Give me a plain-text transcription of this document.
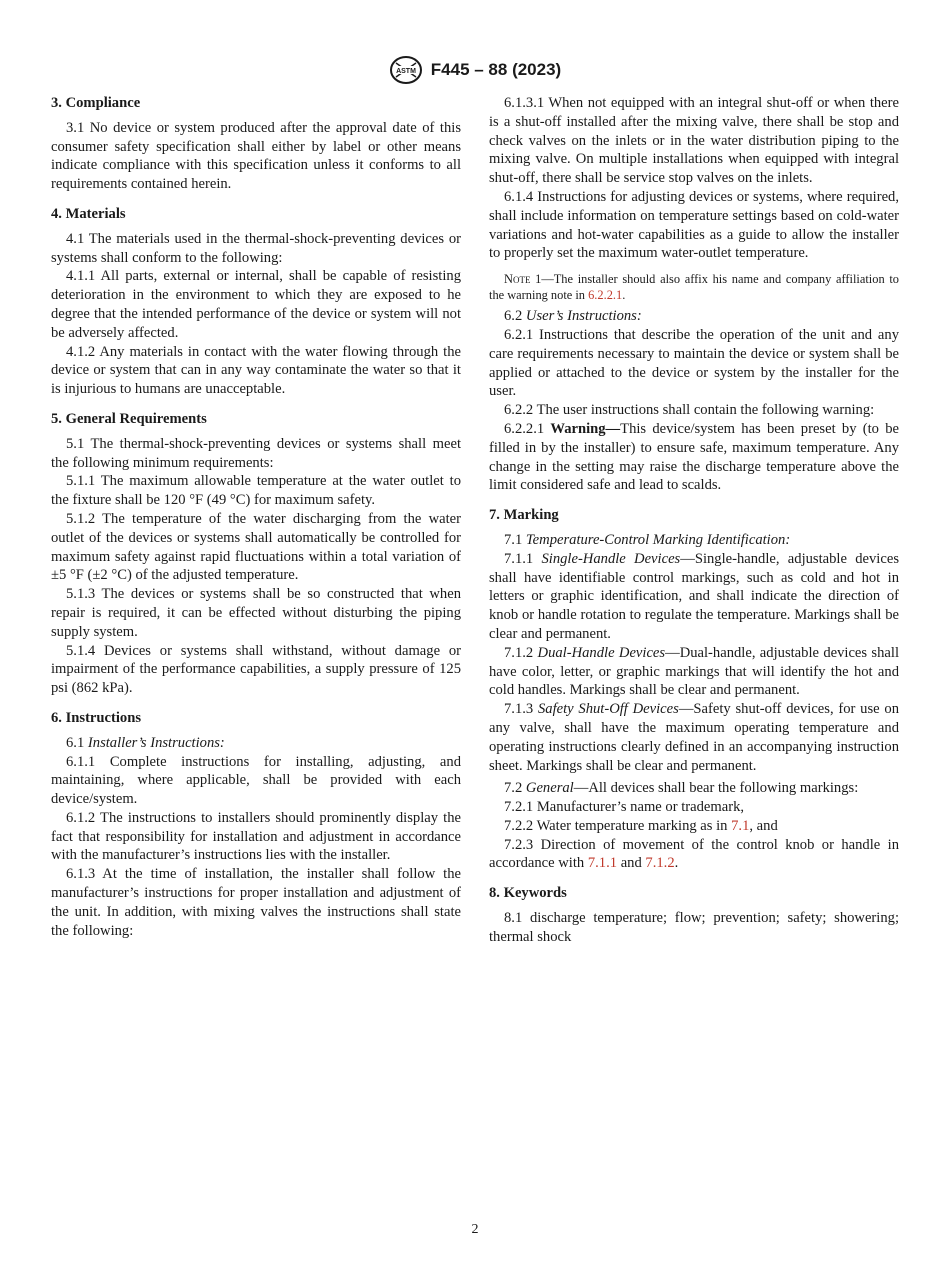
ASTM F445 – 88 (2023)
3. Compliance

3.1 No device or system produced after the approval date of this consumer safety specification shall either by label or other means indicate compliance with this specification unless it conforms to all requirements contained herein.

4. Materials

4.1 The materials used in the thermal-shock-preventing devices or systems shall conform to the following:

4.1.1 All parts, external or internal, shall be capable of resisting deterioration in the environment to which they are exposed to he degree that the intended performance of the device or system will not be adversely affected.

4.1.2 Any materials in contact with the water flowing through the device or system that can in any way contaminate the water so that it is injurious to humans are unacceptable.

5. General Requirements

5.1 The thermal-shock-preventing devices or systems shall meet the following minimum requirements:

5.1.1 The maximum allowable temperature at the water outlet to the fixture shall be 120 °F (49 °C) for maximum safety.

5.1.2 The temperature of the water discharging from the water outlet of the devices or systems shall automatically be controlled for maximum safety against rapid fluctuations within a total variation of ±5 °F (±2 °C) of the adjusted temperature.

5.1.3 The devices or systems shall be so constructed that when repair is required, it can be effected without disturbing the piping supply system.

5.1.4 Devices or systems shall withstand, without damage or impairment of the performance capabilities, a supply pressure of 125 psi (862 kPa).

6. Instructions

6.1 Installer’s Instructions:

6.1.1 Complete instructions for installing, adjusting, and maintaining, where applicable, shall be provided with each device/system.

6.1.2 The instructions to installers should prominently display the fact that responsibility for installation and adjustment in accordance with the manufacturer’s instructions lies with the installer.

6.1.3 At the time of installation, the installer shall follow the manufacturer’s instructions for proper installation and adjustment of the unit. In addition, with mixing valves the instructions shall state the following:

6.1.3.1 When not equipped with an integral shut-off or when there is a shut-off installed after the mixing valve, there shall be stop and check valves on the inlets or in the water distribution piping to the mixing valve. On multiple installations when equipped with integral shut-off, there shall be service stop valves on the inlets.

6.1.4 Instructions for adjusting devices or systems, where required, shall include information on temperature settings based on cold-water variations and hot-water capabilities as a guide to allow the installer to properly set the maximum water-outlet temperature.

Note 1—The installer should also affix his name and company affiliation to the warning note in 6.2.2.1.

6.2 User’s Instructions:

6.2.1 Instructions that describe the operation of the unit and any care requirements necessary to maintain the device or system shall be applied or attached to the device or system by the installer for the user.

6.2.2 The user instructions shall contain the following warning:

6.2.2.1 Warning—This device/system has been preset by (to be filled in by the installer) to ensure safe, maximum temperature. Any change in the setting may raise the discharge temperature above the limit considered safe and lead to scalds.

7. Marking

7.1 Temperature-Control Marking Identification:

7.1.1 Single-Handle Devices—Single-handle, adjustable devices shall have identifiable control markings, such as cold and hot in letters or graphic identification, and shall indicate the direction of knob or handle rotation to regulate the temperature. Markings shall be clear and permanent.

7.1.2 Dual-Handle Devices—Dual-handle, adjustable devices shall have color, letter, or graphic markings that will identify the hot and cold handles. Markings shall be clear and permanent.

7.1.3 Safety Shut-Off Devices—Safety shut-off devices, for use on any valve, shall have the maximum operating temperature and operating instructions clearly defined in an accompanying instruction sheet. Markings shall be clear and permanent.

7.2 General—All devices shall bear the following markings:

7.2.1 Manufacturer’s name or trademark,

7.2.2 Water temperature marking as in 7.1, and

7.2.3 Direction of movement of the control knob or handle in accordance with 7.1.1 and 7.1.2.

8. Keywords

8.1 discharge temperature; flow; prevention; safety; showering; thermal shock

2
